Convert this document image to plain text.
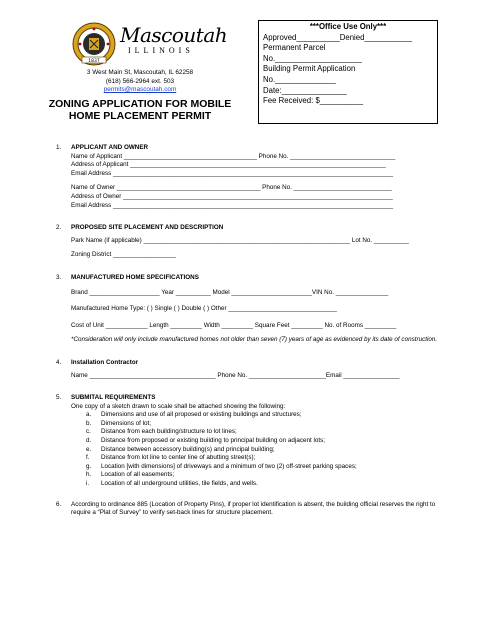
1837
Mascoutah
ILLINOIS
3 West Main St, Mascoutah, IL 62258
(618) 566-2964 ext. 503
permits@mascoutah.com
ZONING APPLICATION FOR MOBILE
HOME PLACEMENT PERMIT
***Office Use Only***
Approved__________Denied___________
Permanent Parcel
No.____________________
Building Permit Application
No.______________
Date:_______________
Fee Received: $__________
1. APPLICANT AND OWNER
Name of Applicant ______________________________________ Phone No. ______________________________
Address of Applicant _________________________________________________________________________
Email Address ________________________________________________________________________________
Name of Owner _________________________________________ Phone No. ____________________________
Address of Owner _____________________________________________________________________________
Email Address ________________________________________________________________________________
2. PROPOSED SITE PLACEMENT AND DESCRIPTION
Park Name (if applicable) ___________________________________________________________ Lot No. __________
Zoning District __________________
3. MANUFACTURED HOME SPECIFICATIONS
Brand ____________________ Year __________ Model _______________________VIN No. _______________
Manufactured Home Type: ( ) Single ( ) Double ( ) Other _______________________________
Cost of Unit ____________ Length _________ Width _________ Square Feet _________ No. of Rooms _________
*Consideration will only include manufactured homes not older than seven (7) years of age as evidenced by its date of construction.
4. Installation Contractor
Name ____________________________________ Phone No. ______________________Email ________________
5. SUBMITAL REQUIREMENTS
One copy of a sketch drawn to scale shall be attached showing the following:
a. Dimensions and use of all proposed or existing buildings and structures;
b. Dimensions of lot;
c. Distance from each building/structure to lot lines;
d. Distance from proposed or existing building to principal building on adjacent lots;
e. Distance between accessory building(s) and principal building;
f. Distance from lot line to center line of abutting street(s);
g. Location [with dimensions] of driveways and a minimum of two (2) off-street parking spaces;
h. Location of all easements;
i. Location of all underground utilities, tile fields, and wells.
6. According to ordinance 885 (Location of Property Pins), if proper lot identification is absent, the building official reserves the right to require a “Plat of Survey” to verify set-back lines for structure placement.
